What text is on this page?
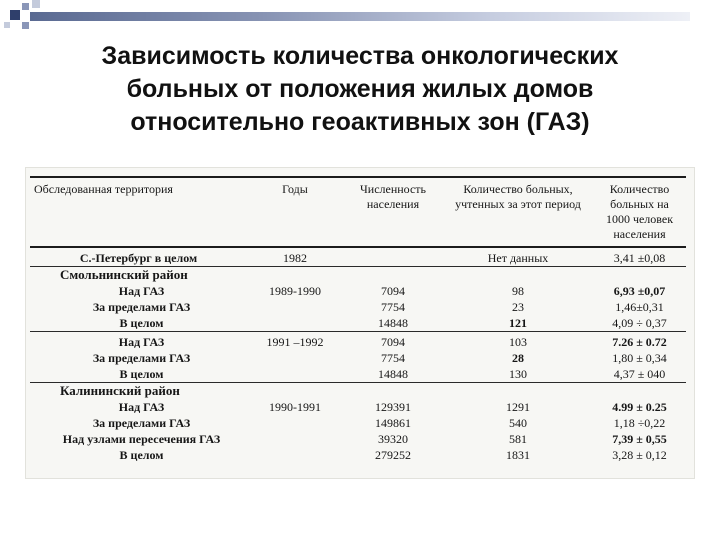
Зависимость количества онкологических
больных от положения жилых домов
относительно геоактивных зон (ГАЗ)
Обследованная территория	Годы	Численность населения	Количество больных, учтенных за этот период	Количество больных на 1000 человек населения
С.-Петербург в целом	1982		Нет данных	3,41 ±0,08
Смольнинский район				
Над ГАЗ	1989-1990	7094	98	6,93 ±0,07
За пределами ГАЗ		7754	23	1,46±0,31
В целом		14848	121	4,09 ÷ 0,37
Над ГАЗ	1991 –1992	7094	103	7.26 ± 0.72
За пределами ГАЗ		7754	28	1,80 ± 0,34
В целом		14848	130	4,37 ± 040
Калининский район				
Над ГАЗ	1990-1991	129391	1291	4.99 ± 0.25
За пределами ГАЗ		149861	540	1,18 ÷0,22
Над узлами пересечения ГАЗ		39320	581	7,39 ± 0,55
В целом		279252	1831	3,28 ± 0,12
